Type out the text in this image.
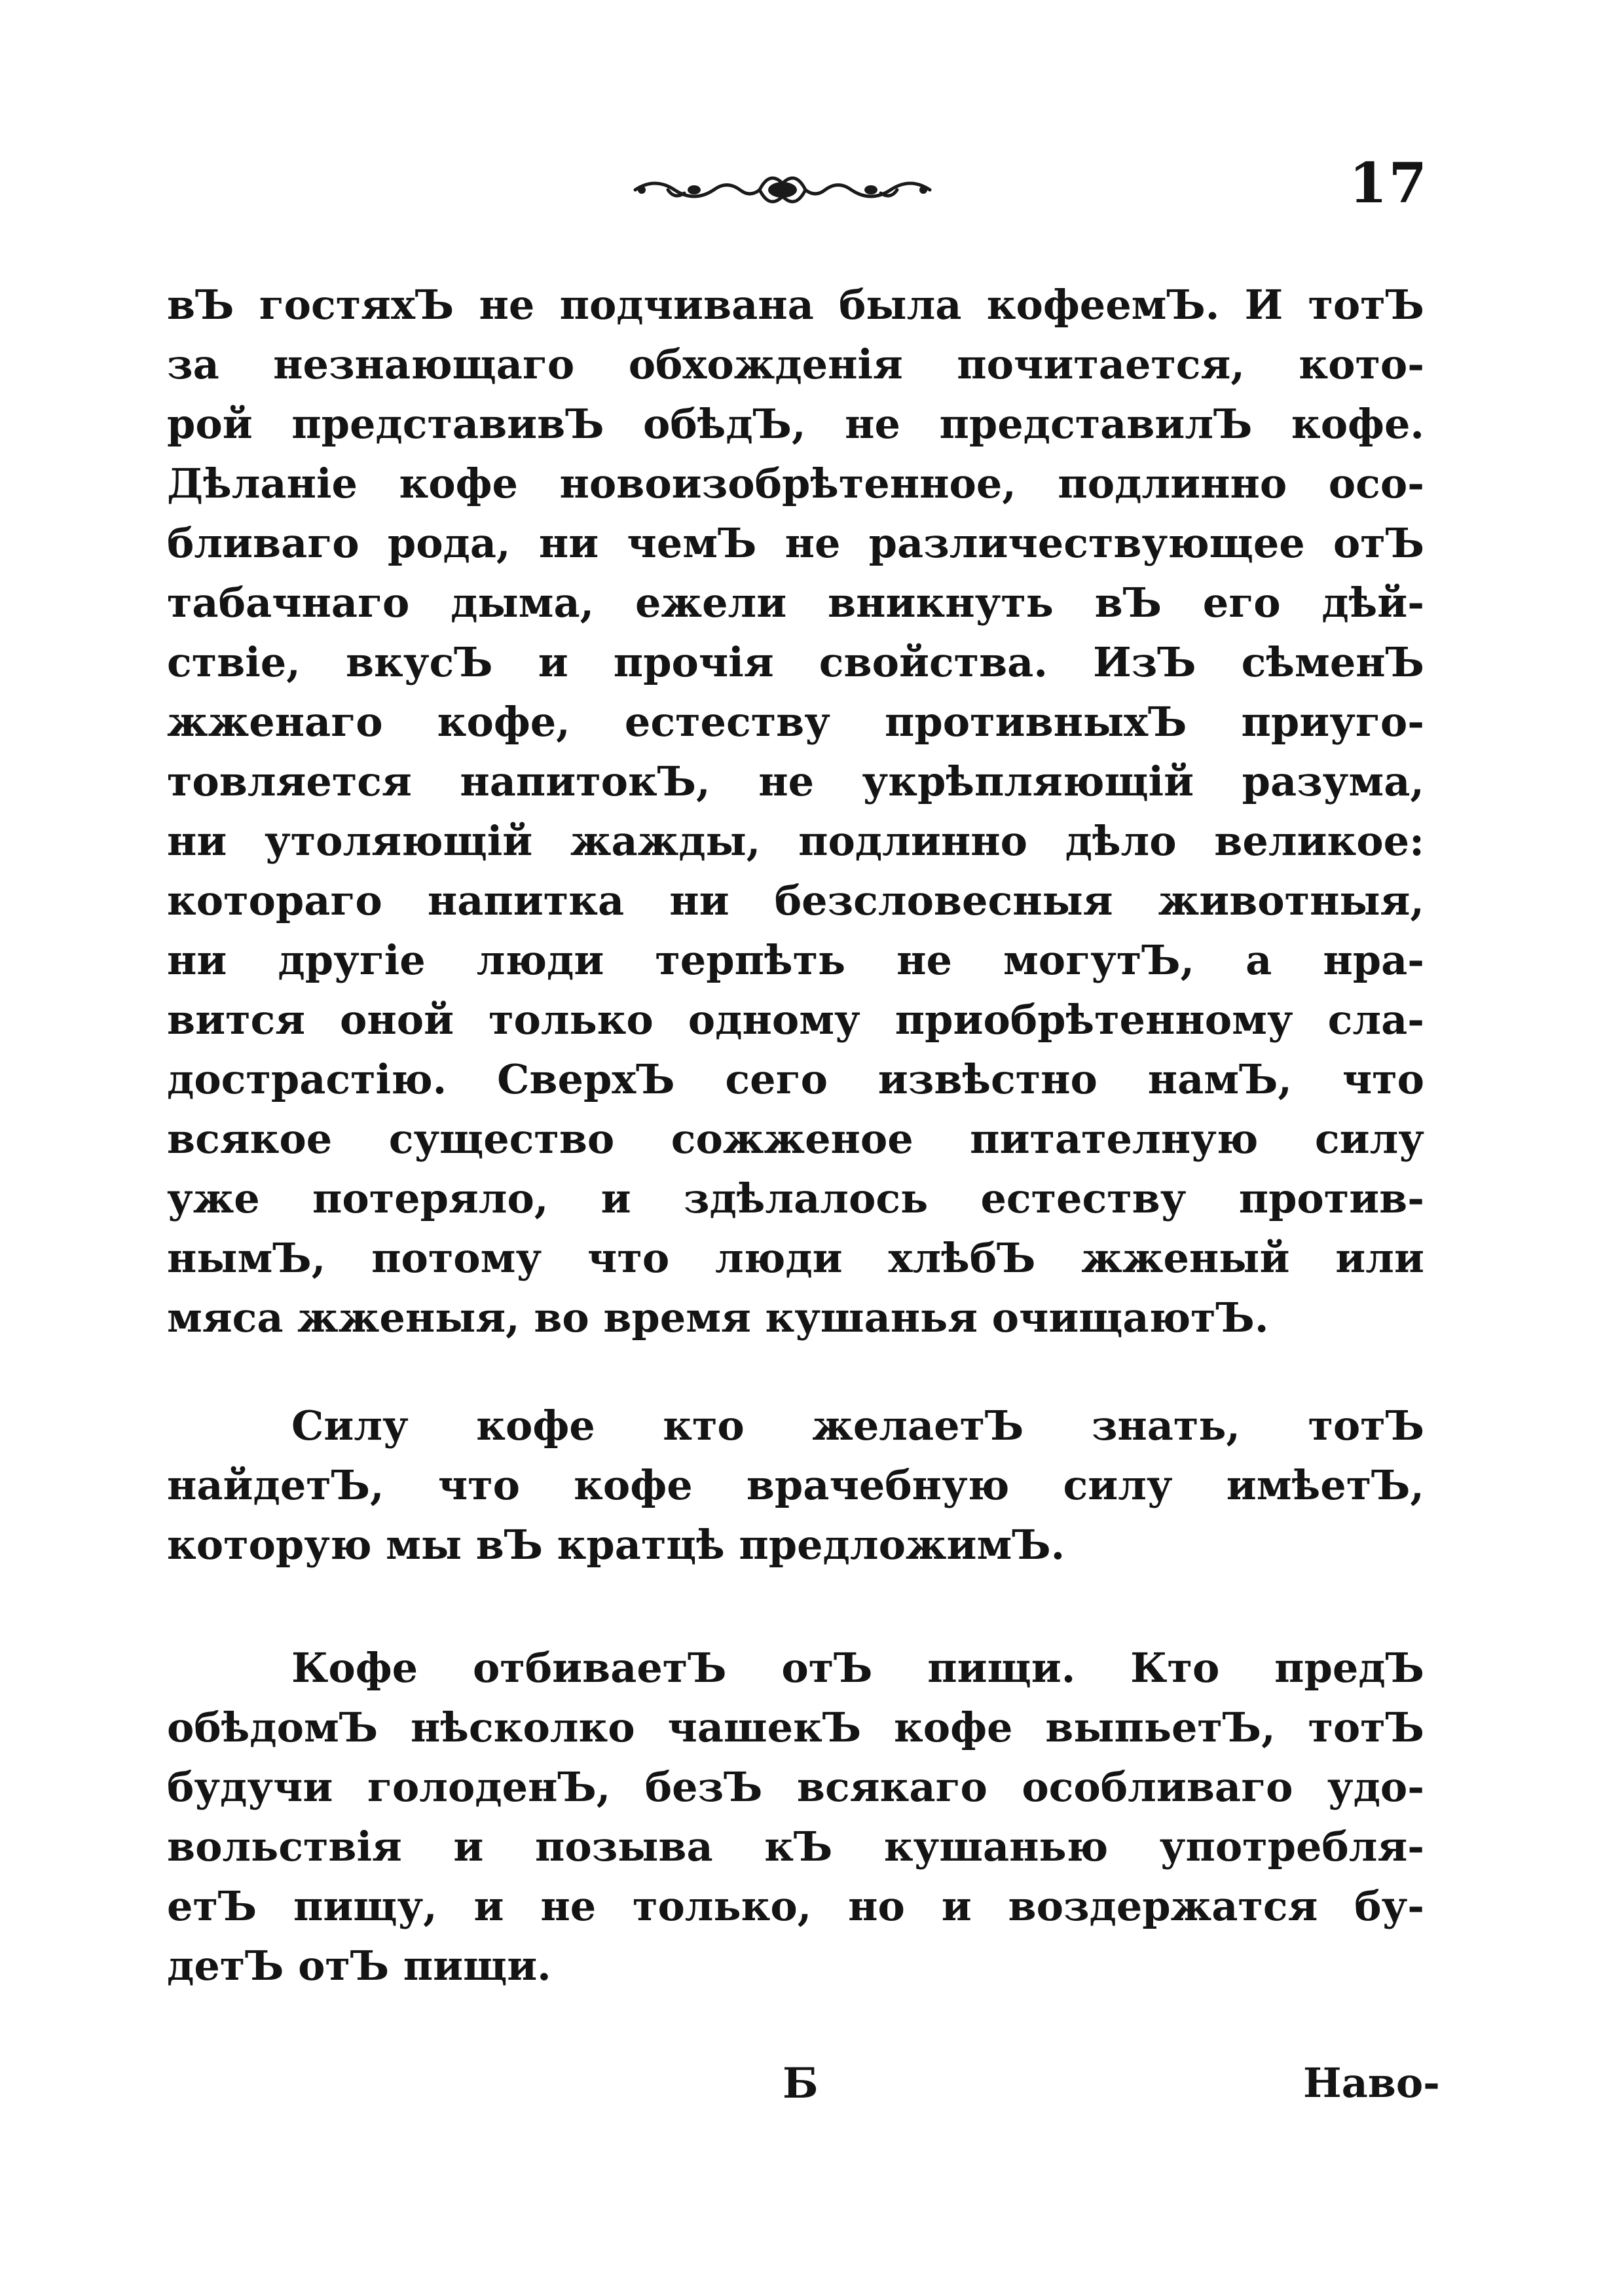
17
вЪ гостяхЪ не подчивана была кофеемЪ. И тотЪ
за незнающаго обхожденія почитается, кото-
рой представивЪ обѣдЪ, не представилЪ кофе.
Дѣланіе кофе новоизобрѣтенное, подлинно осо-
бливаго рода, ни чемЪ не различествующее отЪ
табачнаго дыма, ежели вникнуть вЪ его дѣй-
ствіе, вкусЪ и прочія свойства. ИзЪ сѣменЪ
жженаго кофе, естеству противныхЪ приуго-
товляется напитокЪ, не укрѣпляющій разума,
ни утоляющій жажды, подлинно дѣло великое:
котораго напитка ни безсловесныя животныя,
ни другіе люди терпѣть не могутЪ, а нра-
вится оной только одному приобрѣтенному сла-
дострастію. СверхЪ сего извѣстно намЪ, что
всякое существо сожженое питателную силу
уже потеряло, и здѣлалось естеству против-
нымЪ, потому что люди хлѣбЪ жженый или
мяса жженыя, во время кушанья очищаютЪ.
Силу кофе кто желаетЪ знать, тотЪ
найдетЪ, что кофе врачебную силу имѣетЪ,
которую мы вЪ кратцѣ предложимЪ.
Кофе отбиваетЪ отЪ пищи. Кто предЪ
обѣдомЪ нѣсколко чашекЪ кофе выпьетЪ, тотЪ
будучи голоденЪ, безЪ всякаго особливаго удо-
вольствія и позыва кЪ кушанью употребля-
етЪ пищу, и не только, но и воздержатся бу-
детЪ отЪ пищи.
Б	Наво-
